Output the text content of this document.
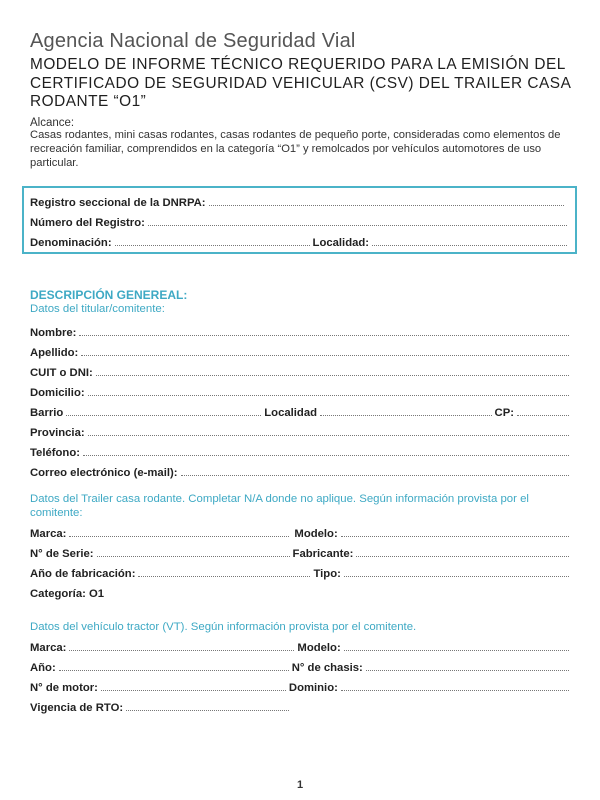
Agencia Nacional de Seguridad Vial
MODELO DE INFORME TÉCNICO REQUERIDO PARA LA EMISIÓN DEL CERTIFICADO DE SEGURIDAD VEHICULAR (CSV) DEL TRAILER CASA RODANTE “O1”
Alcance:
Casas rodantes, mini casas rodantes, casas rodantes de pequeño porte, consideradas como elementos de recreación familiar, comprendidos en la categoría “O1” y remolcados por vehículos automotores de uso particular.
Registro seccional de la DNRPA:
Número del Registro:
Denominación:	Localidad:
DESCRIPCIÓN GENEREAL:
Datos del titular/comitente:
Nombre:
Apellido:
CUIT o DNI:
Domicilio:
Barrio	Localidad	CP:
Provincia:
Teléfono:
Correo electrónico (e-mail):
Datos del Trailer casa rodante. Completar N/A donde no aplique. Según información provista por el comitente:
Marca:	Modelo:
N° de Serie:	Fabricante:
Año de fabricación:	Tipo:
Categoría: O1
Datos del vehículo tractor (VT). Según información provista por el comitente.
Marca:	Modelo:
Año:	N° de chasis:
N° de motor:	Dominio:
Vigencia de RTO:
1
